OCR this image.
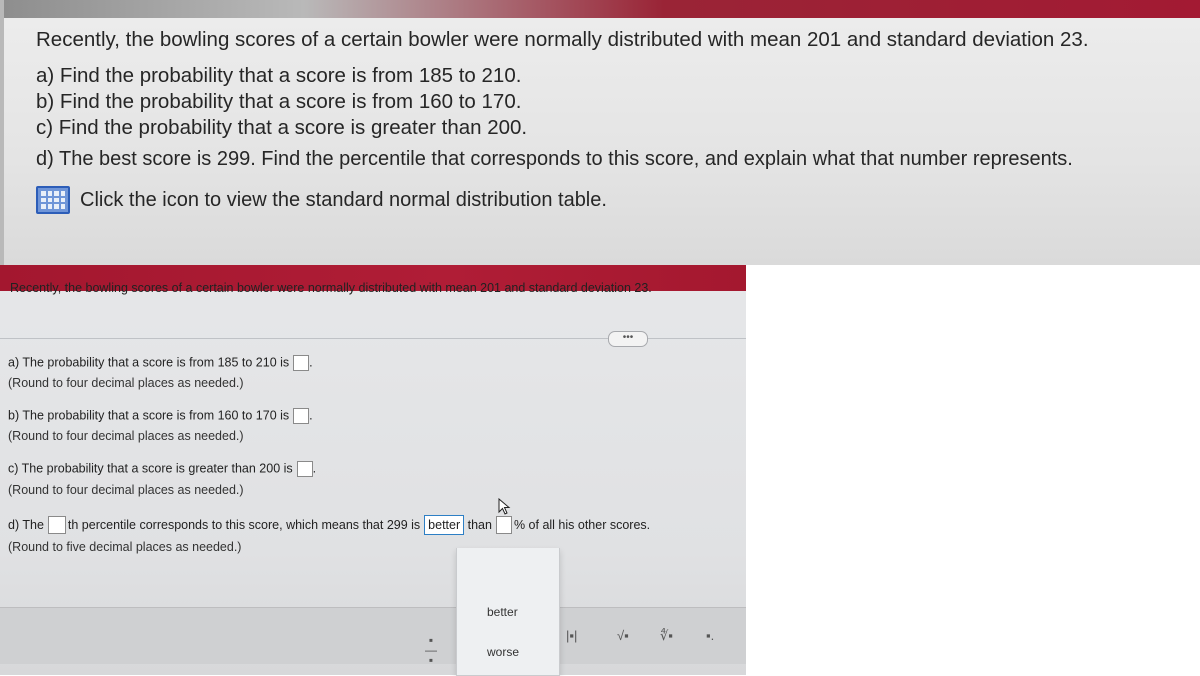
Recently, the bowling scores of a certain bowler were normally distributed with mean 201 and standard deviation 23.
a) Find the probability that a score is from 185 to 210.
b) Find the probability that a score is from 160 to 170.
c) Find the probability that a score is greater than 200.
d) The best score is 299. Find the percentile that corresponds to this score, and explain what that number represents.
Click the icon to view the standard normal distribution table.
Recently, the bowling scores of a certain bowler were normally distributed with mean 201 and standard deviation 23.
•••
a) The probability that a score is from 185 to 210 is .
(Round to four decimal places as needed.)
b) The probability that a score is from 160 to 170 is .
(Round to four decimal places as needed.)
c) The probability that a score is greater than 200 is .
(Round to four decimal places as needed.)
d) The th percentile corresponds to this score, which means that 299 is better than % of all his other scores.
(Round to five decimal places as needed.)
▪
—
▪
|▪|	√▪ ∜▪	▪.
better
worse
